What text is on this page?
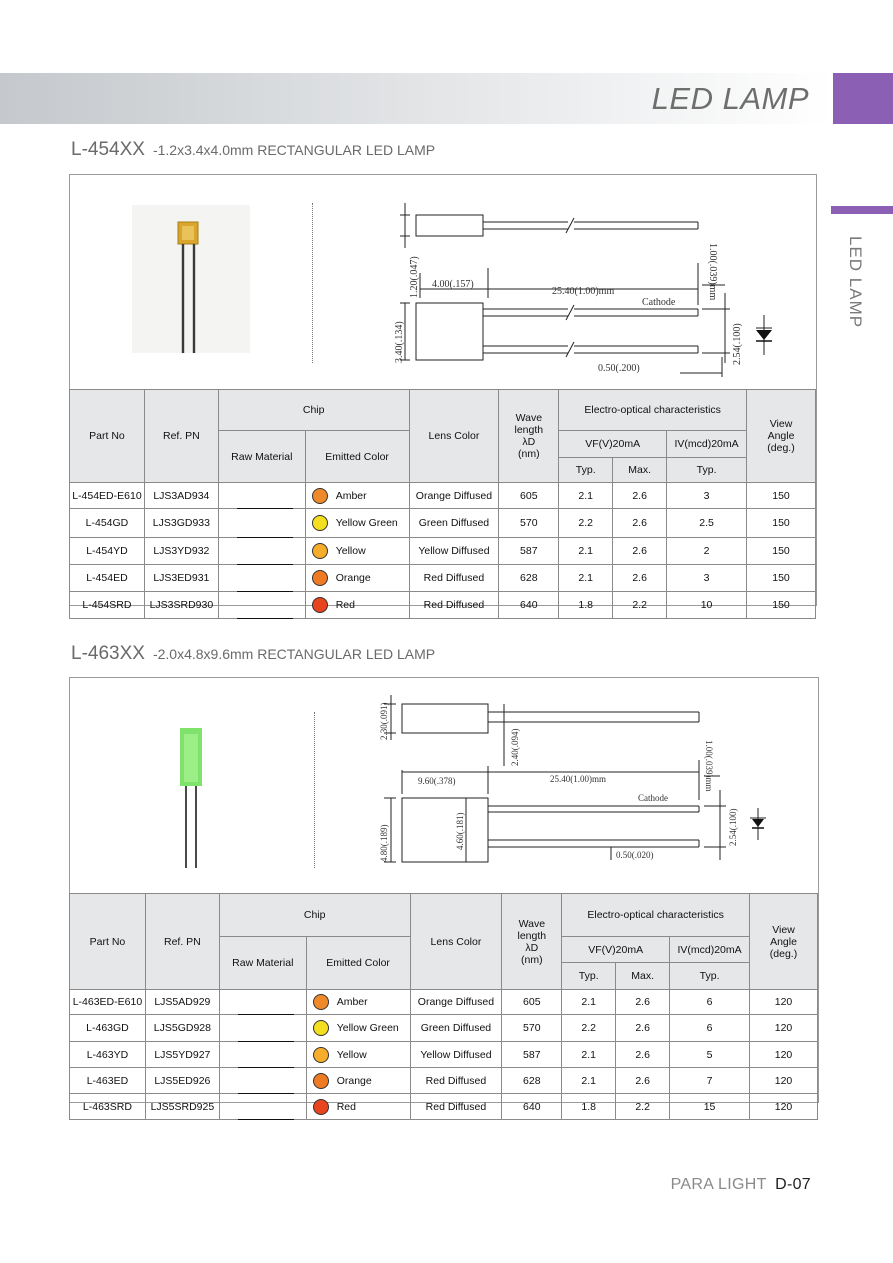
LED LAMP
LED LAMP
L-454XX -1.2x3.4x4.0mm RECTANGULAR LED LAMP
1.20(.047) 4.00(.157)
25.40(1.00)mm
Cathode
3.40(.134)
1.00(.039)mm
2.54(.100)
0.50(.200)
Part No	Ref. PN	Chip		Lens Color	Wave
length
λD
(nm)	Electro-optical characteristics			View
Angle
(deg.)
		Raw Material	Emitted Color			VF(V)20mA		IV(mcd)20mA	
						Typ.	Max.	Typ.	
L-454ED-E610	LJS3AD934		Amber	Orange Diffused	605	2.1	2.6	3	150
L-454GD	LJS3GD933		Yellow Green	Green Diffused	570	2.2	2.6	2.5	150
L-454YD	LJS3YD932		Yellow	Yellow Diffused	587	2.1	2.6	2	150
L-454ED	LJS3ED931		Orange	Red Diffused	628	2.1	2.6	3	150
L-454SRD	LJS3SRD930		Red	Red Diffused	640	1.8	2.2	10	150
L-463XX -2.0x4.8x9.6mm RECTANGULAR LED LAMP
2.30(.091)
2.40(.094)
9.60(.378)	25.40(1.00)mm
Cathode
4.80(.189)	4.60(.181)
1.00(.039)mm
2.54(.100)
0.50(.020)
Part No	Ref. PN	Chip		Lens Color	Wave
length
λD
(nm)	Electro-optical characteristics			View
Angle
(deg.)
		Raw Material	Emitted Color			VF(V)20mA		IV(mcd)20mA	
						Typ.	Max.	Typ.	
L-463ED-E610	LJS5AD929		Amber	Orange Diffused	605	2.1	2.6	6	120
L-463GD	LJS5GD928		Yellow Green	Green Diffused	570	2.2	2.6	6	120
L-463YD	LJS5YD927		Yellow	Yellow Diffused	587	2.1	2.6	5	120
L-463ED	LJS5ED926		Orange	Red Diffused	628	2.1	2.6	7	120
L-463SRD	LJS5SRD925		Red	Red Diffused	640	1.8	2.2	15	120
PARA LIGHT D-07
